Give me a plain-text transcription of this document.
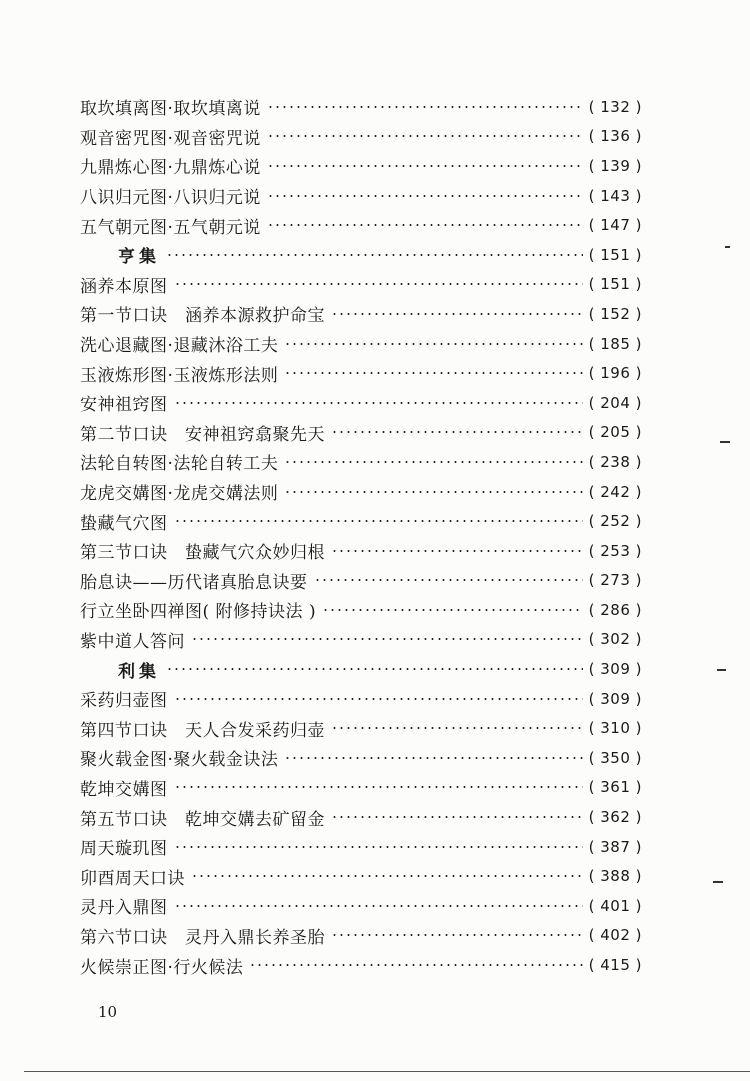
取坎填离图·取坎填离说	( 132 )
观音密咒图·观音密咒说	( 136 )
九鼎炼心图·九鼎炼心说	( 139 )
八识归元图·八识归元说	( 143 )
五气朝元图·五气朝元说	( 147 )
亨集	( 151 )
涵养本原图	( 151 )
第一节口诀　涵养本源救护命宝	( 152 )
洗心退藏图·退藏沐浴工夫	( 185 )
玉液炼形图·玉液炼形法则	( 196 )
安神祖窍图	( 204 )
第二节口诀　安神祖窍翕聚先天	( 205 )
法轮自转图·法轮自转工夫	( 238 )
龙虎交媾图·龙虎交媾法则	( 242 )
蛰藏气穴图	( 252 )
第三节口诀　蛰藏气穴众妙归根	( 253 )
胎息诀——历代诸真胎息诀要	( 273 )
行立坐卧四禅图( 附修持诀法 )	( 286 )
紫中道人答问	( 302 )
利集	( 309 )
采药归壶图	( 309 )
第四节口诀　天人合发采药归壶	( 310 )
聚火载金图·聚火载金诀法	( 350 )
乾坤交媾图	( 361 )
第五节口诀　乾坤交媾去矿留金	( 362 )
周天璇玑图	( 387 )
卯酉周天口诀	( 388 )
灵丹入鼎图	( 401 )
第六节口诀　灵丹入鼎长养圣胎	( 402 )
火候崇正图·行火候法	( 415 )
10
